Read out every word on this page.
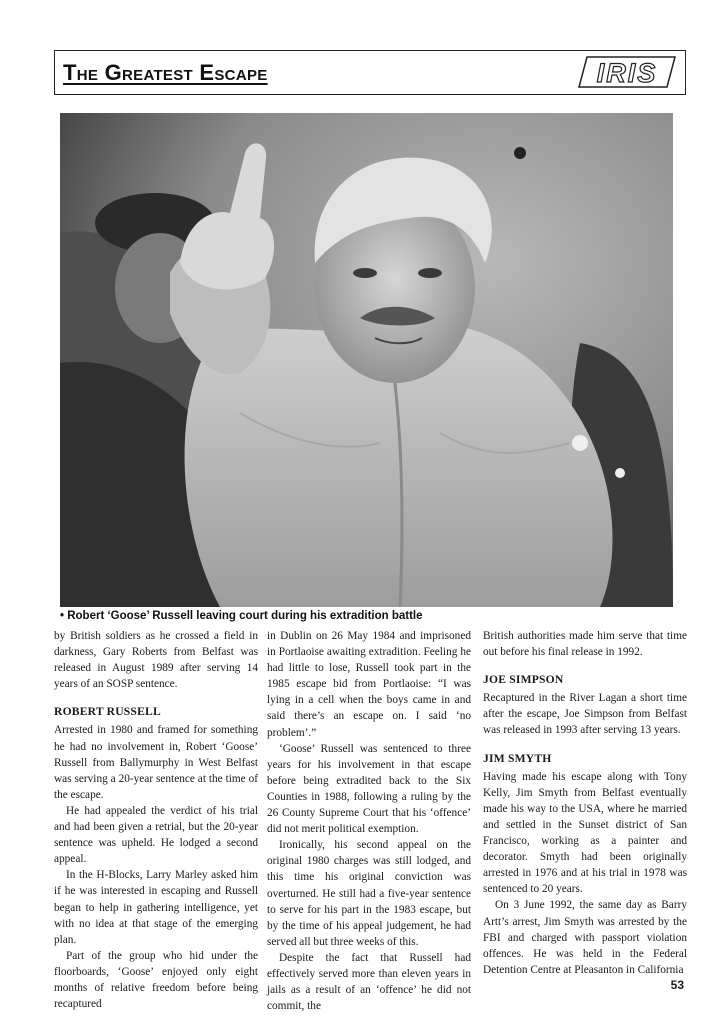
The Greatest Escape	IRIS
• Robert ‘Goose’ Russell leaving court during his extradition battle

by British soldiers as he crossed a field in darkness, Gary Roberts from Belfast was released in August 1989 after serving 14 years of an SOSP sentence.

ROBERT RUSSELL

Arrested in 1980 and framed for something he had no involvement in, Robert ‘Goose’ Russell from Ballymurphy in West Belfast was serving a 20-year sentence at the time of the escape.

He had appealed the verdict of his trial and had been given a retrial, but the 20-year sentence was upheld. He lodged a second appeal.

In the H-Blocks, Larry Marley asked him if he was interested in escaping and Russell began to help in gathering intelligence, yet with no idea at that stage of the emerging plan.

Part of the group who hid under the floorboards, ‘Goose’ enjoyed only eight months of relative freedom before being recaptured

in Dublin on 26 May 1984 and imprisoned in Portlaoise awaiting extradition. Feeling he had little to lose, Russell took part in the 1985 escape bid from Portlaoise: “I was lying in a cell when the boys came in and said there’s an escape on. I said ‘no problem’.”

‘Goose’ Russell was sentenced to three years for his involvement in that escape before being extradited back to the Six Counties in 1988, following a ruling by the 26 County Supreme Court that his ‘offence’ did not merit political exemption.

Ironically, his second appeal on the original 1980 charges was still lodged, and this time his original conviction was overturned. He still had a five-year sentence to serve for his part in the 1983 escape, but by the time of his appeal judgement, he had served all but three weeks of this.

Despite the fact that Russell had effectively served more than eleven years in jails as a result of an ‘offence’ he did not commit, the

British authorities made him serve that time out before his final release in 1992.

JOE SIMPSON

Recaptured in the River Lagan a short time after the escape, Joe Simpson from Belfast was released in 1993 after serving 13 years.

JIM SMYTH

Having made his escape along with Tony Kelly, Jim Smyth from Belfast eventually made his way to the USA, where he married and settled in the Sunset district of San Francisco, working as a painter and decorator. Smyth had been originally arrested in 1976 and at his trial in 1978 was sentenced to 20 years.

On 3 June 1992, the same day as Barry Artt’s arrest, Jim Smyth was arrested by the FBI and charged with passport violation offences. He was held in the Federal Detention Centre at Pleasanton in California

53
